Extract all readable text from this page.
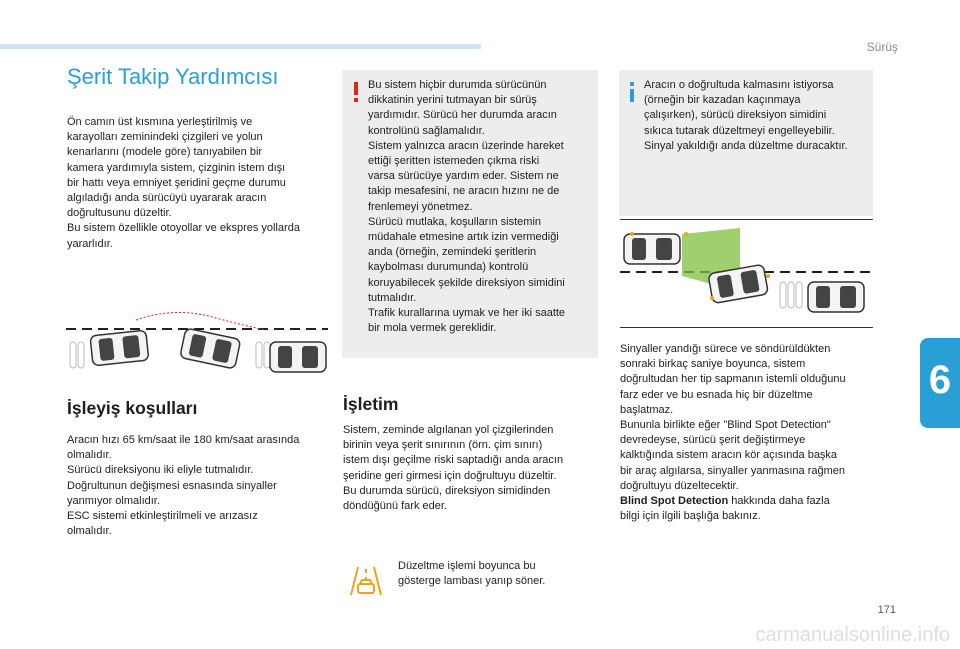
Sürüş
Şerit Takip Yardımcısı
Ön camın üst kısmına yerleştirilmiş ve
karayolları zeminindeki çizgileri ve yolun
kenarlarını (modele göre) tanıyabilen bir
kamera yardımıyla sistem, çizginin istem dışı
bir hattı veya emniyet şeridini geçme durumu
algıladığı anda sürücüyü uyararak aracın
doğrultusunu düzeltir.
Bu sistem özellikle otoyollar ve ekspres yollarda
yararlıdır.
İşleyiş koşulları
Aracın hızı 65 km/saat ile 180 km/saat arasında
olmalıdır.
Sürücü direksiyonu iki eliyle tutmalıdır.
Doğrultunun değişmesi esnasında sinyaller
yanmıyor olmalıdır.
ESC sistemi etkinleştirilmeli ve arızasız
olmalıdır.
Bu sistem hiçbir durumda sürücünün
dikkatinin yerini tutmayan bir sürüş
yardımıdır. Sürücü her durumda aracın
kontrolünü sağlamalıdır.
Sistem yalnızca aracın üzerinde hareket
ettiği şeritten istemeden çıkma riski
varsa sürücüye yardım eder. Sistem ne
takip mesafesini, ne aracın hızını ne de
frenlemeyi yönetmez.
Sürücü mutlaka, koşulların sistemin
müdahale etmesine artık izin vermediği
anda (örneğin, zemindeki şeritlerin
kaybolması durumunda) kontrolü
koruyabilecek şekilde direksiyon simidini
tutmalıdır.
Trafik kurallarına uymak ve her iki saatte
bir mola vermek gereklidir.
İşletim
Sistem, zeminde algılanan yol çizgilerinden
birinin veya şerit sınırının (örn. çim sınırı)
istem dışı geçilme riski saptadığı anda aracın
şeridine geri girmesi için doğrultuyu düzeltir.
Bu durumda sürücü, direksiyon simidinden
döndüğünü fark eder.
Düzeltme işlemi boyunca bu
gösterge lambası yanıp söner.
Aracın o doğrultuda kalmasını istiyorsa
(örneğin bir kazadan kaçınmaya
çalışırken), sürücü direksiyon simidini
sıkıca tutarak düzeltmeyi engelleyebilir.
Sinyal yakıldığı anda düzeltme duracaktır.
Sinyaller yandığı sürece ve söndürüldükten
sonraki birkaç saniye boyunca, sistem
doğrultudan her tip sapmanın istemli olduğunu
farz eder ve bu esnada hiç bir düzeltme
başlatmaz.
Bununla birlikte eğer "Blind Spot Detection"
devredeyse, sürücü şerit değiştirmeye
kalktığında sistem aracın kör açısında başka
bir araç algılarsa, sinyaller yanmasına rağmen
doğrultuyu düzeltecektir.
Blind Spot Detection hakkında daha fazla
bilgi için ilgili başlığa bakınız.
6
171
carmanualsonline.info
